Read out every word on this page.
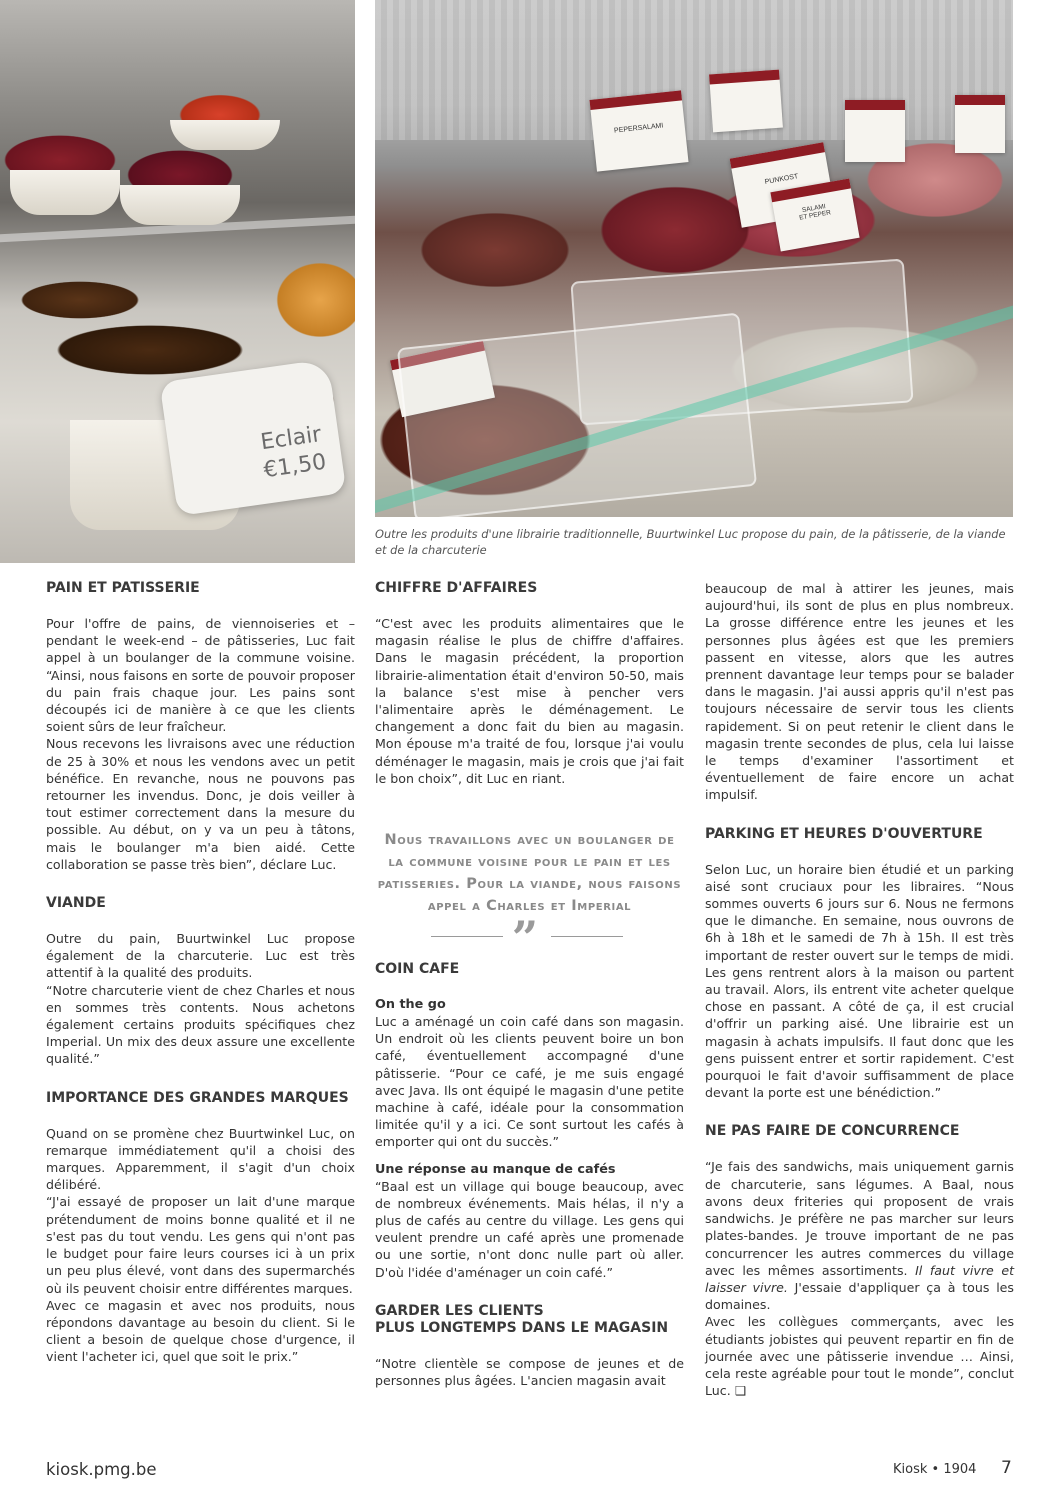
Eclair
€1,50
PEPERSALAMI
PUNKOST
SALAMI
ET PEPER
Outre les produits d'une librairie traditionnelle, Buurtwinkel Luc propose du pain, de la pâtisserie, de la viande et de la charcuterie
PAIN ET PATISSERIE

Pour l'offre de pains, de viennoiseries et – pendant le week-end – de pâtisseries, Luc fait appel à un boulanger de la commune voisine. “Ainsi, nous faisons en sorte de pouvoir proposer du pain frais chaque jour. Les pains sont découpés ici de manière à ce que les clients soient sûrs de leur fraîcheur.

Nous recevons les livraisons avec une réduction de 25 à 30% et nous les vendons avec un petit bénéfice. En revanche, nous ne pouvons pas retourner les invendus. Donc, je dois veiller à tout estimer correctement dans la mesure du possible. Au début, on y va un peu à tâtons, mais le boulanger m'a bien aidé. Cette collaboration se passe très bien”, déclare Luc.

VIANDE

Outre du pain, Buurtwinkel Luc propose également de la charcuterie. Luc est très attentif à la qualité des produits.

“Notre charcuterie vient de chez Charles et nous en sommes très contents. Nous achetons également certains produits spécifiques chez Imperial. Un mix des deux assure une excellente qualité.”

IMPORTANCE DES GRANDES MARQUES

Quand on se promène chez Buurtwinkel Luc, on remarque immédiatement qu'il a choisi des marques. Apparemment, il s'agit d'un choix délibéré.

“J'ai essayé de proposer un lait d'une marque prétendument de moins bonne qualité et il ne s'est pas du tout vendu. Les gens qui n'ont pas le budget pour faire leurs courses ici à un prix un peu plus élevé, vont dans des supermarchés où ils peuvent choisir entre différentes marques.

Avec ce magasin et avec nos produits, nous répondons davantage au besoin du client. Si le client a besoin de quelque chose d'urgence, il vient l'acheter ici, quel que soit le prix.”

CHIFFRE D'AFFAIRES

“C'est avec les produits alimentaires que le magasin réalise le plus de chiffre d'affaires. Dans le magasin précédent, la proportion librairie-alimentation était d'environ 50-50, mais la balance s'est mise à pencher vers l'alimentaire après le déménagement. Le changement a donc fait du bien au magasin. Mon épouse m'a traité de fou, lorsque j'ai voulu déménager le magasin, mais je crois que j'ai fait le bon choix”, dit Luc en riant.

Nous travaillons avec un boulanger de la commune voisine pour le pain et les patisseries. Pour la viande, nous faisons appel a Charles et Imperial
”
COIN CAFE
On the go

Luc a aménagé un coin café dans son magasin. Un endroit où les clients peuvent boire un bon café, éventuellement accompagné d'une pâtisserie. “Pour ce café, je me suis engagé avec Java. Ils ont équipé le magasin d'une petite machine à café, idéale pour la consommation limitée qu'il y a ici. Ce sont surtout les cafés à emporter qui ont du succès.”

Une réponse au manque de cafés

“Baal est un village qui bouge beaucoup, avec de nombreux événements. Mais hélas, il n'y a plus de cafés au centre du village. Les gens qui veulent prendre un café après une promenade ou une sortie, n'ont donc nulle part où aller. D'où l'idée d'aménager un coin café.”

GARDER LES CLIENTS
PLUS LONGTEMPS DANS LE MAGASIN

“Notre clientèle se compose de jeunes et de personnes plus âgées. L'ancien magasin avait

beaucoup de mal à attirer les jeunes, mais aujourd'hui, ils sont de plus en plus nombreux. La grosse différence entre les jeunes et les personnes plus âgées est que les premiers passent en vitesse, alors que les autres prennent davantage leur temps pour se balader dans le magasin. J'ai aussi appris qu'il n'est pas toujours nécessaire de servir tous les clients rapidement. Si on peut retenir le client dans le magasin trente secondes de plus, cela lui laisse le temps d'examiner l'assortiment et éventuellement de faire encore un achat impulsif.

PARKING ET HEURES D'OUVERTURE

Selon Luc, un horaire bien étudié et un parking aisé sont cruciaux pour les libraires. “Nous sommes ouverts 6 jours sur 6. Nous ne fermons que le dimanche. En semaine, nous ouvrons de 6h à 18h et le samedi de 7h à 15h. Il est très important de rester ouvert sur le temps de midi. Les gens rentrent alors à la maison ou partent au travail. Alors, ils entrent vite acheter quelque chose en passant. A côté de ça, il est crucial d'offrir un parking aisé. Une librairie est un magasin à achats impulsifs. Il faut donc que les gens puissent entrer et sortir rapidement. C'est pourquoi le fait d'avoir suffisamment de place devant la porte est une bénédiction.”

NE PAS FAIRE DE CONCURRENCE

“Je fais des sandwichs, mais uniquement garnis de charcuterie, sans légumes. A Baal, nous avons deux friteries qui proposent de vrais sandwichs. Je préfère ne pas marcher sur leurs plates-bandes. Je trouve important de ne pas concurrencer les autres commerces du village avec les mêmes assortiments. Il faut vivre et laisser vivre. J'essaie d'appliquer ça à tous les domaines.

Avec les collègues commerçants, avec les étudiants jobistes qui peuvent repartir en fin de journée avec une pâtisserie invendue … Ainsi, cela reste agréable pour tout le monde”, conclut Luc. ❑

kiosk.pmg.be	Kiosk • 1904 7
